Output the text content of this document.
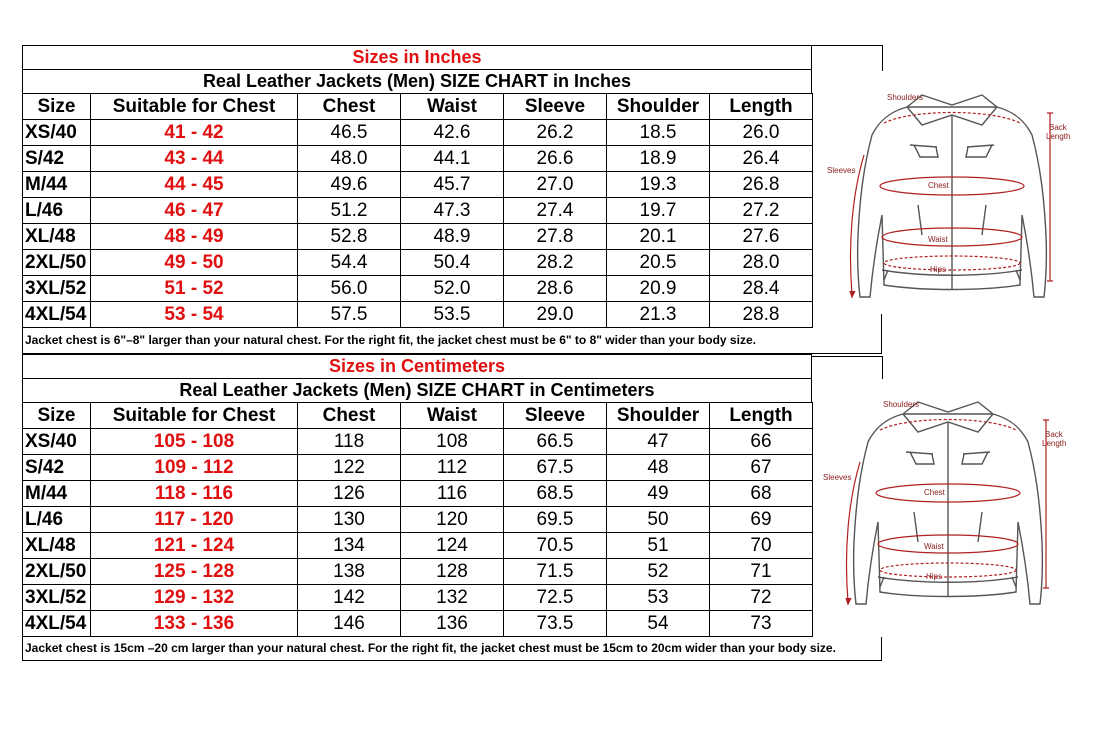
Sizes in Inches
Real Leather Jackets (Men) SIZE CHART in Inches
Size	Suitable for Chest	Chest	Waist	Sleeve	Shoulder	Length
XS/40	41 - 42	46.5	42.6	26.2	18.5	26.0
S/42	43 - 44	48.0	44.1	26.6	18.9	26.4
M/44	44 - 45	49.6	45.7	27.0	19.3	26.8
L/46	46 - 47	51.2	47.3	27.4	19.7	27.2
XL/48	48 - 49	52.8	48.9	27.8	20.1	27.6
2XL/50	49 - 50	54.4	50.4	28.2	20.5	28.0
3XL/52	51 - 52	56.0	52.0	28.6	20.9	28.4
4XL/54	53 - 54	57.5	53.5	29.0	21.3	28.8
Jacket chest is 6"–8" larger than your natural chest. For the right fit, the jacket chest must be 6" to 8" wider than your body size.
Sizes in Centimeters
Real Leather Jackets (Men) SIZE CHART in Centimeters
Size	Suitable for Chest	Chest	Waist	Sleeve	Shoulder	Length
XS/40	105 - 108	118	108	66.5	47	66
S/42	109 - 112	122	112	67.5	48	67
M/44	118 - 116	126	116	68.5	49	68
L/46	117 - 120	130	120	69.5	50	69
XL/48	121 - 124	134	124	70.5	51	70
2XL/50	125 - 128	138	128	71.5	52	71
3XL/52	129 - 132	142	132	72.5	53	72
4XL/54	133 - 136	146	136	73.5	54	73
Jacket chest is 15cm –20 cm larger than your natural chest. For the right fit, the jacket chest must be 15cm to 20cm wider than your body size.
Shoulders
Back
Length
Sleeves
Chest
Waist
Hips
Shoulders
Back
Length
Sleeves
Chest
Waist
Hips
